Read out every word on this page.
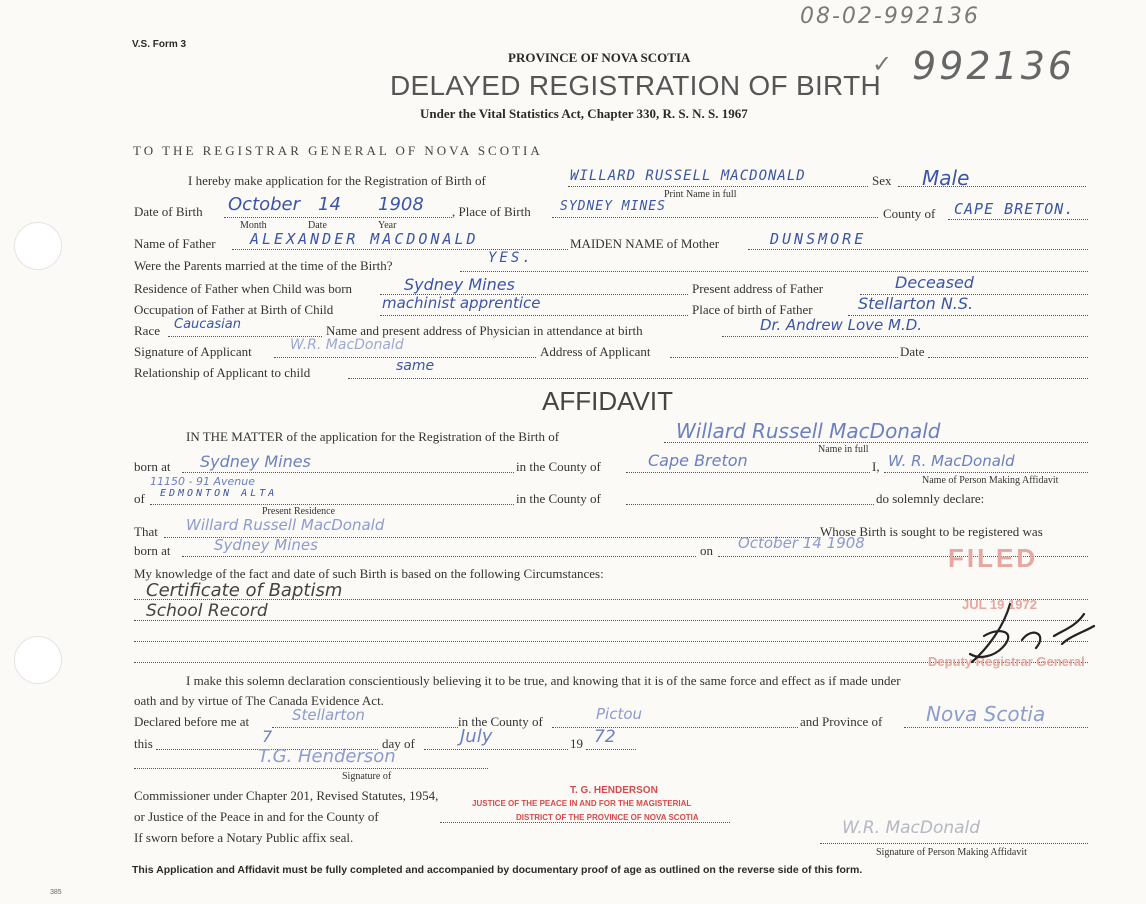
08-02-992136
✓ 992136
V.S. Form 3
PROVINCE OF NOVA SCOTIA
DELAYED REGISTRATION OF BIRTH
Under the Vital Statistics Act, Chapter 330, R. S. N. S. 1967
TO THE REGISTRAR GENERAL OF NOVA SCOTIA
I hereby make application for the Registration of Birth of	WILLARD RUSSELL MACDONALD
Print Name in full
Sex Male
Date of Birth October 14 1908
Month	Date	Year
, Place of Birth SYDNEY MINES	County of CAPE BRETON.
Name of Father ALEXANDER MACDONALD	MAIDEN NAME of Mother	DUNSMORE
Were the Parents married at the time of the Birth?	YES.
Residence of Father when Child was born	Sydney Mines	Present address of Father	Deceased
Occupation of Father at Birth of Child	machinist apprentice	Place of birth of Father	Stellarton N.S.
Race Caucasian	Name and present address of Physician in attendance at birth	Dr. Andrew Love M.D.
Signature of Applicant	W.R. MacDonald	Address of Applicant	Date
Relationship of Applicant to child	same
AFFIDAVIT
IN THE MATTER of the application for the Registration of the Birth of	Willard Russell MacDonald
Name in full
born at Sydney Mines	in the County of	Cape Breton	I, W. R. MacDonald
Name of Person Making Affidavit
11150 - 91 Avenue
of EDMONTON ALTA
Present Residence
in the County of	do solemnly declare:
That Willard Russell MacDonald	Whose Birth is sought to be registered was
born at	Sydney Mines	on October 14 1908
My knowledge of the fact and date of such Birth is based on the following Circumstances:
Certificate of Baptism
School Record
I make this solemn declaration conscientiously believing it to be true, and knowing that it is of the same force and effect as if made under
oath and by virtue of The Canada Evidence Act.
Declared before me at	Stellarton	in the County of	Pictou	and Province of Nova Scotia
this	7	day of	July	19 72
T.G. Henderson
Signature of
Commissioner under Chapter 201, Revised Statutes, 1954,
or Justice of the Peace in and for the County of
If sworn before a Notary Public affix seal.
T. G. HENDERSON
JUSTICE OF THE PEACE IN AND FOR THE MAGISTERIAL
DISTRICT OF THE PROVINCE OF NOVA SCOTIA
W.R. MacDonald
Signature of Person Making Affidavit
FILED
JUL 19 1972
Deputy Registrar General
This Application and Affidavit must be fully completed and accompanied by documentary proof of age as outlined on the reverse side of this form.
385
